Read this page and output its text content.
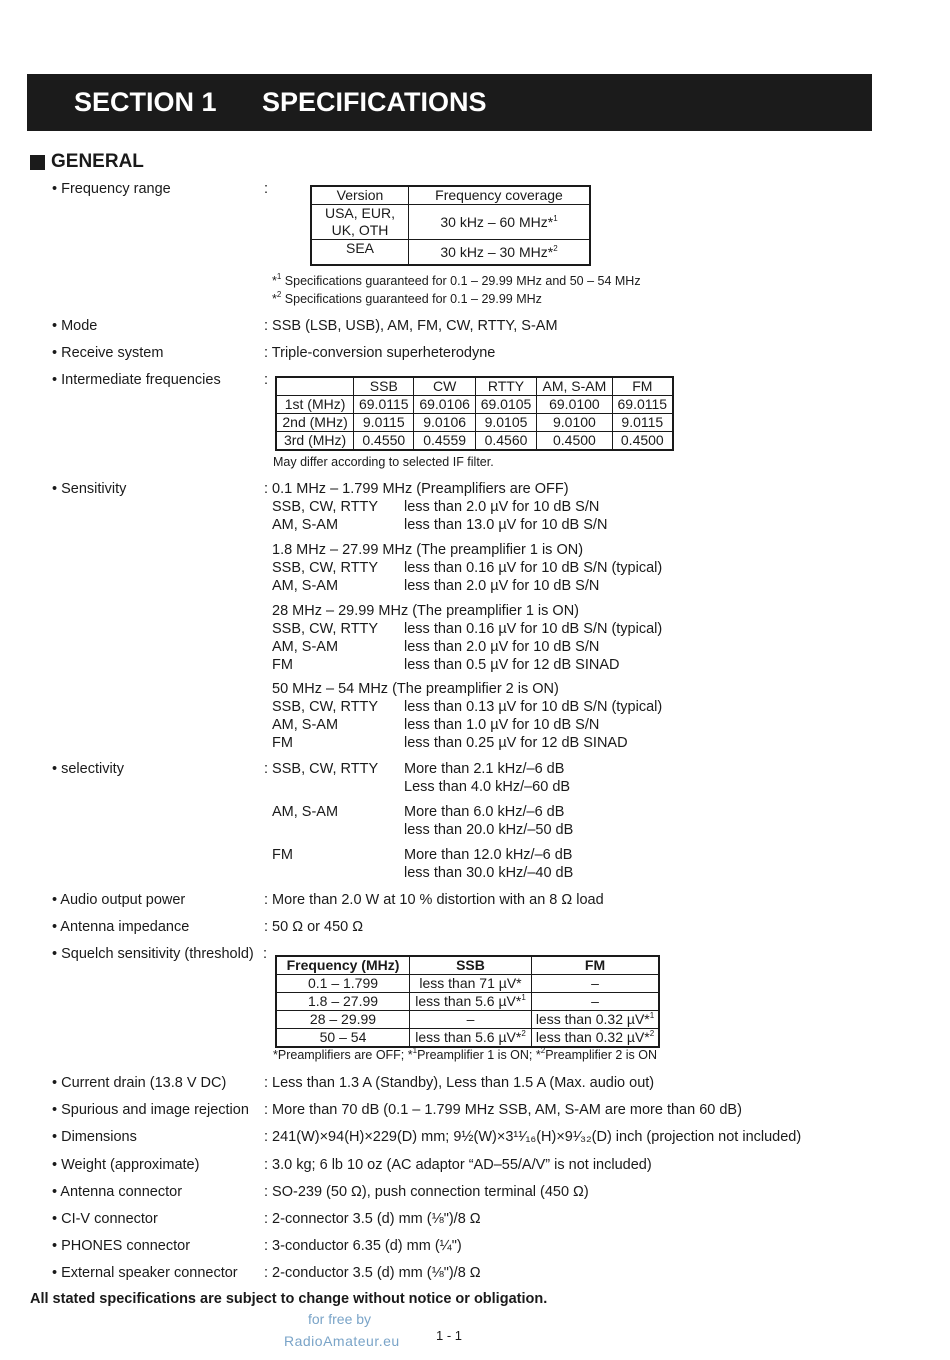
SECTION 1 SPECIFICATIONS
GENERAL
• Frequency range	:	Version	Frequency coverage
USA, EUR,
UK, OTH	30 kHz – 60 MHz*$^1$
SEA	30 kHz – 30 MHz*$^2$
*$^1$ Specifications guaranteed for 0.1 – 29.99 MHz and 50 – 54 MHz
*$^2$ Specifications guaranteed for 0.1 – 29.99 MHz
• Mode	: SSB (LSB, USB), AM, FM, CW, RTTY, S-AM
• Receive system	: Triple-conversion superheterodyne
• Intermediate frequencies	:
		SSB	CW	RTTY	AM, S-AM	FM
1st (MHz)	69.0115	69.0106	69.0105	69.0100	69.0115
2nd (MHz)	9.0115	9.0106	9.0105	9.0100	9.0115
3rd (MHz)	0.4550	0.4559	0.4560	0.4500	0.4500
May differ according to selected IF filter.
• Sensitivity	: 0.1 MHz – 1.799 MHz (Preamplifiers are OFF)
SSB, CW, RTTY less than 2.0 µV for 10 dB S/N
AM, S-AM	less than 13.0 µV for 10 dB S/N
1.8 MHz – 27.99 MHz (The preamplifier 1 is ON)
SSB, CW, RTTY less than 0.16 µV for 10 dB S/N (typical)
AM, S-AM	less than 2.0 µV for 10 dB S/N
28 MHz – 29.99 MHz (The preamplifier 1 is ON)
SSB, CW, RTTY less than 0.16 µV for 10 dB S/N (typical)
AM, S-AM	less than 2.0 µV for 10 dB S/N
FM	less than 0.5 µV for 12 dB SINAD
50 MHz – 54 MHz (The preamplifier 2 is ON)
SSB, CW, RTTY less than 0.13 µV for 10 dB S/N (typical)
AM, S-AM	less than 1.0 µV for 10 dB S/N
FM	less than 0.25 µV for 12 dB SINAD
• selectivity	: SSB, CW, RTTY More than 2.1 kHz/–6 dB
Less than 4.0 kHz/–60 dB
AM, S-AM	More than 6.0 kHz/–6 dB
less than 20.0 kHz/–50 dB
FM	More than 12.0 kHz/–6 dB
less than 30.0 kHz/–40 dB
• Audio output power	: More than 2.0 W at 10 % distortion with an 8 Ω load
• Antenna impedance	: 50 Ω or 450 Ω
• Squelch sensitivity (threshold) :
Frequency (MHz)	SSB	FM
0.1 – 1.799	less than 71 µV*	–
1.8 – 27.99	less than 5.6 µV*$^1$	–
28 – 29.99	–	less than 0.32 µV*$^1$
50 – 54	less than 5.6 µV*$^2$	less than 0.32 µV*$^2$
*Preamplifiers are OFF; *$^1$Preamplifier 1 is ON; *$^2$Preamplifier 2 is ON
• Current drain (13.8 V DC)	: Less than 1.3 A (Standby), Less than 1.5 A (Max. audio out)
• Spurious and image rejection : More than 70 dB (0.1 – 1.799 MHz SSB, AM, S-AM are more than 60 dB)
• Dimensions	: 241(W)×94(H)×229(D) mm; 9½(W)×3¹¹⁄₁₆(H)×9¹⁄₃₂(D) inch (projection not included)
• Weight (approximate)	: 3.0 kg; 6 lb 10 oz (AC adaptor “AD–55/A/V” is not included)
• Antenna connector	: SO-239 (50 Ω), push connection terminal (450 Ω)
• CI-V connector	: 2-connector 3.5 (d) mm (⅛")/8 Ω
• PHONES connector	: 3-conductor 6.35 (d) mm (¼")
• External speaker connector : 2-conductor 3.5 (d) mm (⅛")/8 Ω
All stated specifications are subject to change without notice or obligation.
for free by
RadioAmateur.eu	1 - 1
